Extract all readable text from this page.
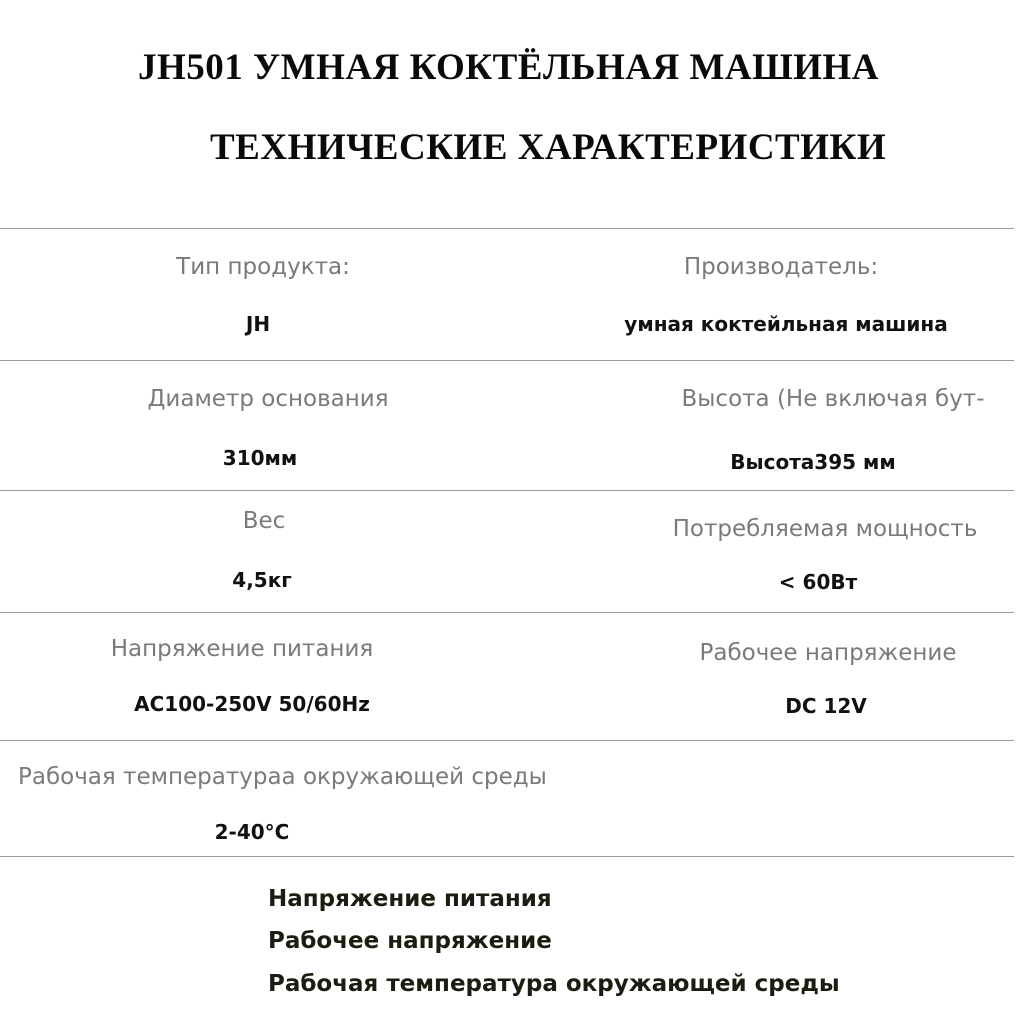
JH501 УМНАЯ КОКТЁЛЬНАЯ МАШИНА
ТЕХНИЧЕСКИЕ ХАРАКТЕРИСТИКИ
Тип продукта:
JH
Производатель:
умная коктейльная машина
Диаметр основания
310мм
Высота (Не включая бут-
Высота395 мм
Вес
4,5кг
Потребляемая мощность
< 60Вт
Напряжение питания
AC100-250V 50/60Hz
Рабочее напряжение
DC 12V
Рабочая температураа окружающей среды
2-40°C
Напряжение питания
Рабочее напряжение
Рабочая температура окружающей среды
